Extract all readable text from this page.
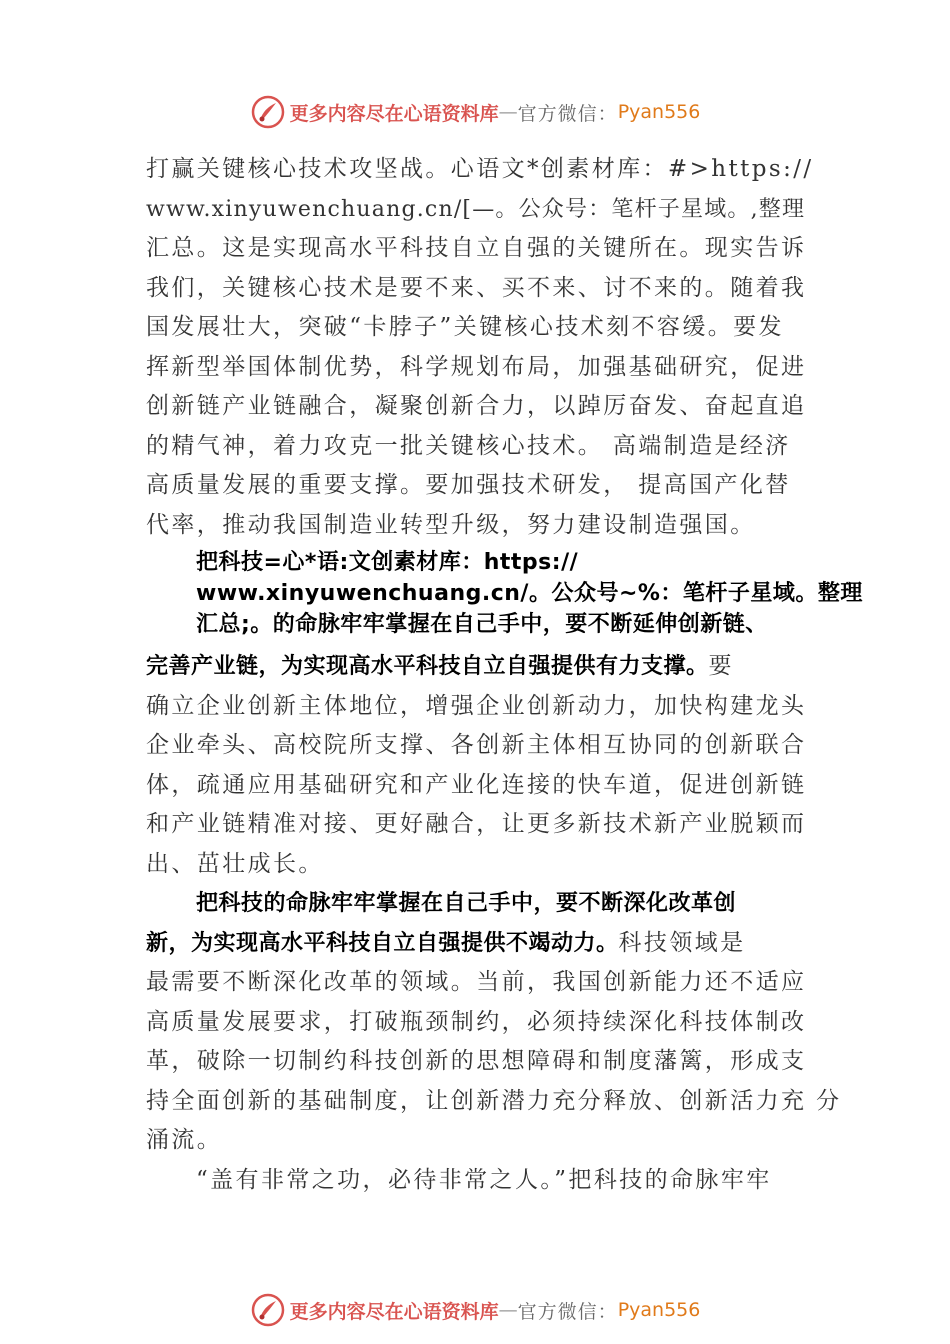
更多内容尽在心语资料库 — 官方微信： Pyan556
打赢关键核心技术攻坚战。心语文*创素材库：#>https://
www.xinyuwenchuang.cn/[—。公众号：笔杆子星域。,整理
汇总。这是实现高水平科技自立自强的关键所在。现实告诉
我们，关键核心技术是要不来、买不来、讨不来的。随着我
国发展壮大，突破“卡脖子”关键核心技术刻不容缓。要发
挥新型举国体制优势，科学规划布局，加强基础研究，促进
创新链产业链融合，凝聚创新合力，以踔厉奋发、奋起直追
的精气神，着力攻克一批关键核心技术。 高端制造是经济
高质量发展的重要支撑。要加强技术研发， 提高国产化替
代率，推动我国制造业转型升级，努力建设制造强国。
把科技=心*语:文创素材库：https://
www.xinyuwenchuang.cn/。公众号~%：笔杆子星域。整理
汇总;。的命脉牢牢掌握在自己手中，要不断延伸创新链、
完善产业链，为实现高水平科技自立自强提供有力支撑。要
确立企业创新主体地位，增强企业创新动力，加快构建龙头
企业牵头、高校院所支撑、各创新主体相互协同的创新联合
体，疏通应用基础研究和产业化连接的快车道，促进创新链
和产业链精准对接、更好融合，让更多新技术新产业脱颖而
出、茁壮成长。
把科技的命脉牢牢掌握在自己手中，要不断深化改革创
新，为实现高水平科技自立自强提供不竭动力。科技领域是
最需要不断深化改革的领域。当前，我国创新能力还不适应
高质量发展要求，打破瓶颈制约，必须持续深化科技体制改
革，破除一切制约科技创新的思想障碍和制度藩篱，形成支
持全面创新的基础制度，让创新潜力充分释放、创新活力充 分
涌流。
“盖有非常之功，必待非常之人。”把科技的命脉牢牢
更多内容尽在心语资料库 — 官方微信： Pyan556
